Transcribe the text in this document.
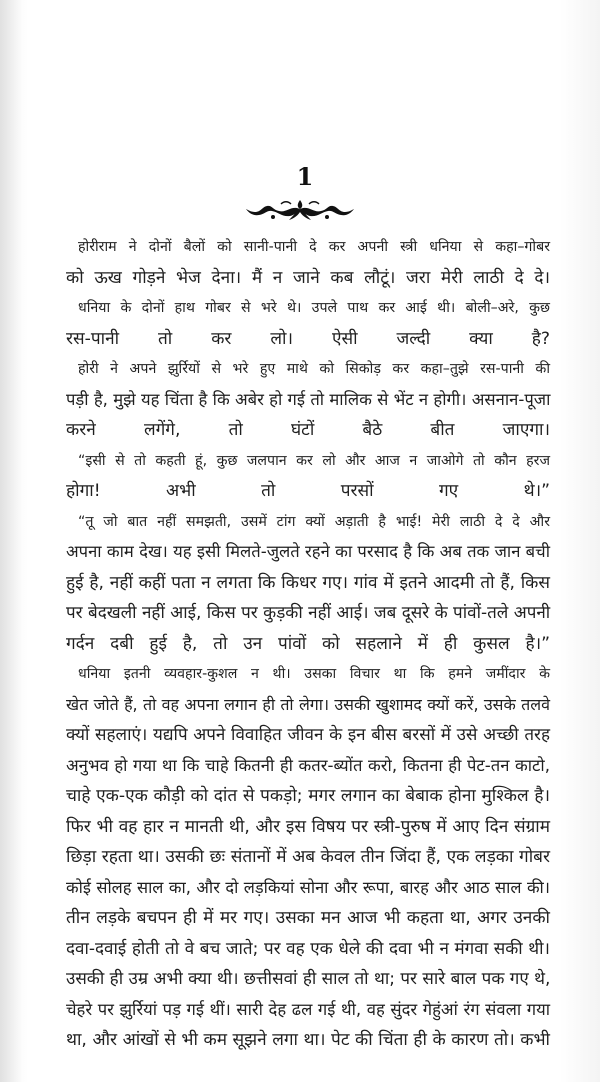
1

होरीराम ने दोनों बैलों को सानी-पानी दे कर अपनी स्त्री धनिया से कहा–गोबर
को ऊख गोड़ने भेज देना। मैं न जाने कब लौटूं। जरा मेरी लाठी दे दे।

धनिया के दोनों हाथ गोबर से भरे थे। उपले पाथ कर आई थी। बोली–अरे, कुछ
रस-पानी तो कर लो। ऐसी जल्दी क्या है?

होरी ने अपने झुर्रियों से भरे हुए माथे को सिकोड़ कर कहा–तुझे रस-पानी की
पड़ी है, मुझे यह चिंता है कि अबेर हो गई तो मालिक से भेंट न होगी। असनान-पूजा
करने लगेंगे, तो घंटों बैठे बीत जाएगा।

“इसी से तो कहती हूं, कुछ जलपान कर लो और आज न जाओगे तो कौन हरज
होगा! अभी तो परसों गए थे।”

“तू जो बात नहीं समझती, उसमें टांग क्यों अड़ाती है भाई! मेरी लाठी दे दे और
अपना काम देख। यह इसी मिलते-जुलते रहने का परसाद है कि अब तक जान बची
हुई है, नहीं कहीं पता न लगता कि किधर गए। गांव में इतने आदमी तो हैं, किस
पर बेदखली नहीं आई, किस पर कुड़की नहीं आई। जब दूसरे के पांवों-तले अपनी
गर्दन दबी हुई है, तो उन पांवों को सहलाने में ही कुसल है।”

धनिया इतनी व्यवहार-कुशल न थी। उसका विचार था कि हमने जमींदार के
खेत जोते हैं, तो वह अपना लगान ही तो लेगा। उसकी खुशामद क्यों करें, उसके तलवे
क्यों सहलाएं। यद्यपि अपने विवाहित जीवन के इन बीस बरसों में उसे अच्छी तरह
अनुभव हो गया था कि चाहे कितनी ही कतर-ब्योंत करो, कितना ही पेट-तन काटो,
चाहे एक-एक कौड़ी को दांत से पकड़ो; मगर लगान का बेबाक होना मुश्किल है।
फिर भी वह हार न मानती थी, और इस विषय पर स्त्री-पुरुष में आए दिन संग्राम
छिड़ा रहता था। उसकी छः संतानों में अब केवल तीन जिंदा हैं, एक लड़का गोबर
कोई सोलह साल का, और दो लड़कियां सोना और रूपा, बारह और आठ साल की।
तीन लड़के बचपन ही में मर गए। उसका मन आज भी कहता था, अगर उनकी
दवा-दवाई होती तो वे बच जाते; पर वह एक धेले की दवा भी न मंगवा सकी थी।
उसकी ही उम्र अभी क्या थी। छत्तीसवां ही साल तो था; पर सारे बाल पक गए थे,
चेहरे पर झुर्रियां पड़ गई थीं। सारी देह ढल गई थी, वह सुंदर गेहुंआं रंग संवला गया
था, और आंखों से भी कम सूझने लगा था। पेट की चिंता ही के कारण तो। कभी
